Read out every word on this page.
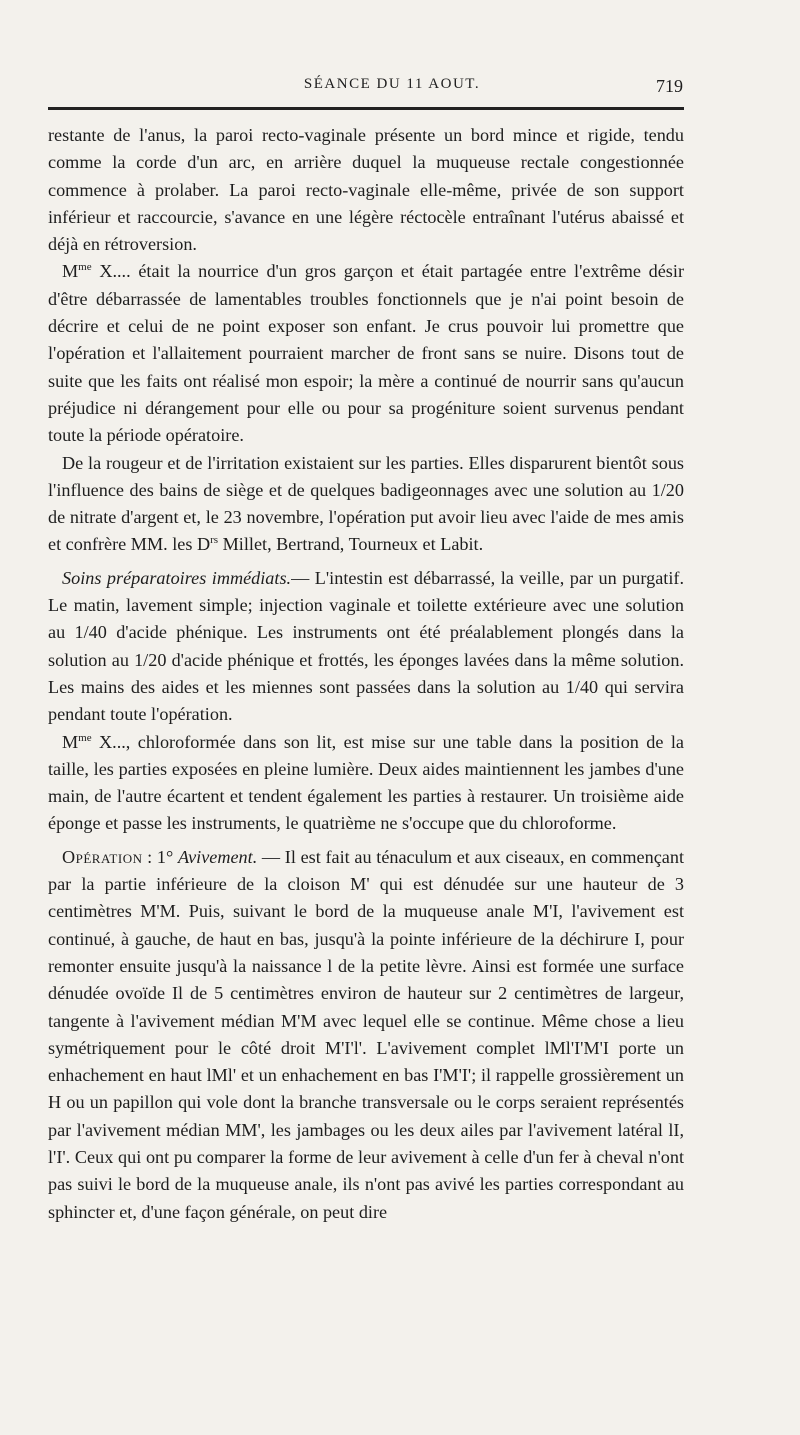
SÉANCE DU 11 AOUT.	719

restante de l'anus, la paroi recto-vaginale présente un bord mince et rigide, tendu comme la corde d'un arc, en arrière duquel la muqueuse rectale congestionnée commence à prolaber. La paroi recto-vaginale elle-même, privée de son support inférieur et raccourcie, s'avance en une légère réctocèle entraînant l'utérus abaissé et déjà en rétroversion.

$M^{me}$ X.... était la nourrice d'un gros garçon et était partagée entre l'extrême désir d'être débarrassée de lamentables troubles fonctionnels que je n'ai point besoin de décrire et celui de ne point exposer son enfant. Je crus pouvoir lui promettre que l'opération et l'allaitement pourraient marcher de front sans se nuire. Disons tout de suite que les faits ont réalisé mon espoir; la mère a continué de nourrir sans qu'aucun préjudice ni dérangement pour elle ou pour sa progéniture soient survenus pendant toute la période opératoire.

De la rougeur et de l'irritation existaient sur les parties. Elles disparurent bientôt sous l'influence des bains de siège et de quelques badigeonnages avec une solution au 1/20 de nitrate d'argent et, le 23 novembre, l'opération put avoir lieu avec l'aide de mes amis et confrère MM. les $D^{rs}$ Millet, Bertrand, Tourneux et Labit.

Soins préparatoires immédiats.— L'intestin est débarrassé, la veille, par un purgatif. Le matin, lavement simple; injection vaginale et toilette extérieure avec une solution au 1/40 d'acide phénique. Les instruments ont été préalablement plongés dans la solution au 1/20 d'acide phénique et frottés, les éponges lavées dans la même solution. Les mains des aides et les miennes sont passées dans la solution au 1/40 qui servira pendant toute l'opération.

$M^{me}$ X..., chloroformée dans son lit, est mise sur une table dans la position de la taille, les parties exposées en pleine lumière. Deux aides maintiennent les jambes d'une main, de l'autre écartent et tendent également les parties à restaurer. Un troisième aide éponge et passe les instruments, le quatrième ne s'occupe que du chloroforme.

Opération : 1° Avivement. — Il est fait au ténaculum et aux ciseaux, en commençant par la partie inférieure de la cloison M' qui est dénudée sur une hauteur de 3 centimètres M'M. Puis, suivant le bord de la muqueuse anale M'I, l'avivement est continué, à gauche, de haut en bas, jusqu'à la pointe inférieure de la déchirure I, pour remonter ensuite jusqu'à la naissance l de la petite lèvre. Ainsi est formée une surface dénudée ovoïde Il de 5 centimètres environ de hauteur sur 2 centimètres de largeur, tangente à l'avivement médian M'M avec lequel elle se continue. Même chose a lieu symétriquement pour le côté droit M'I'l'. L'avivement complet lMl'I'M'I porte un enhachement en haut lMl' et un enhachement en bas I'M'I'; il rappelle grossièrement un H ou un papillon qui vole dont la branche transversale ou le corps seraient représentés par l'avivement médian MM', les jambages ou les deux ailes par l'avivement latéral lI, l'I'. Ceux qui ont pu comparer la forme de leur avivement à celle d'un fer à cheval n'ont pas suivi le bord de la muqueuse anale, ils n'ont pas avivé les parties correspondant au sphincter et, d'une façon générale, on peut dire
